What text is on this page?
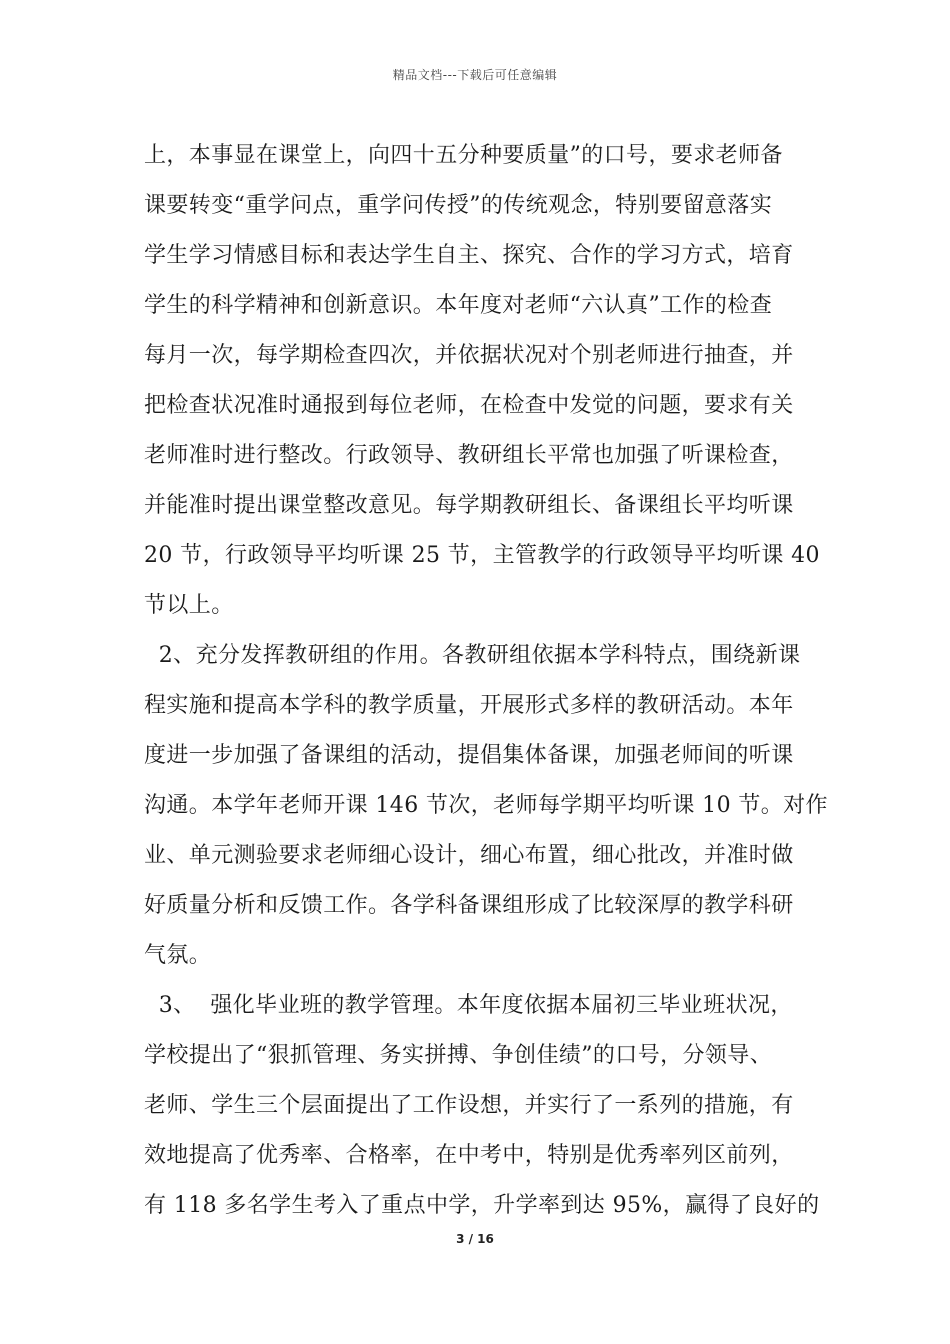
精品文档---下载后可任意编辑
上，本事显在课堂上，向四十五分种要质量”的口号，要求老师备
课要转变“重学问点，重学问传授”的传统观念，特别要留意落实
学生学习情感目标和表达学生自主、探究、合作的学习方式，培育
学生的科学精神和创新意识。本年度对老师“六认真”工作的检查
每月一次，每学期检查四次，并依据状况对个别老师进行抽查，并
把检查状况准时通报到每位老师，在检查中发觉的问题，要求有关
老师准时进行整改。行政领导、教研组长平常也加强了听课检查，
并能准时提出课堂整改意见。每学期教研组长、备课组长平均听课
20 节，行政领导平均听课 25 节，主管教学的行政领导平均听课 40
节以上。
2、充分发挥教研组的作用。各教研组依据本学科特点，围绕新课
程实施和提高本学科的教学质量，开展形式多样的教研活动。本年
度进一步加强了备课组的活动，提倡集体备课，加强老师间的听课
沟通。本学年老师开课 146 节次，老师每学期平均听课 10 节。对作
业、单元测验要求老师细心设计，细心布置，细心批改，并准时做
好质量分析和反馈工作。各学科备课组形成了比较深厚的教学科研
气氛。
3、  强化毕业班的教学管理。本年度依据本届初三毕业班状况，
学校提出了“狠抓管理、务实拼搏、争创佳绩”的口号，分领导、
老师、学生三个层面提出了工作设想，并实行了一系列的措施，有
效地提高了优秀率、合格率，在中考中，特别是优秀率列区前列，
有 118 多名学生考入了重点中学，升学率到达 95%，赢得了良好的
3 / 16
